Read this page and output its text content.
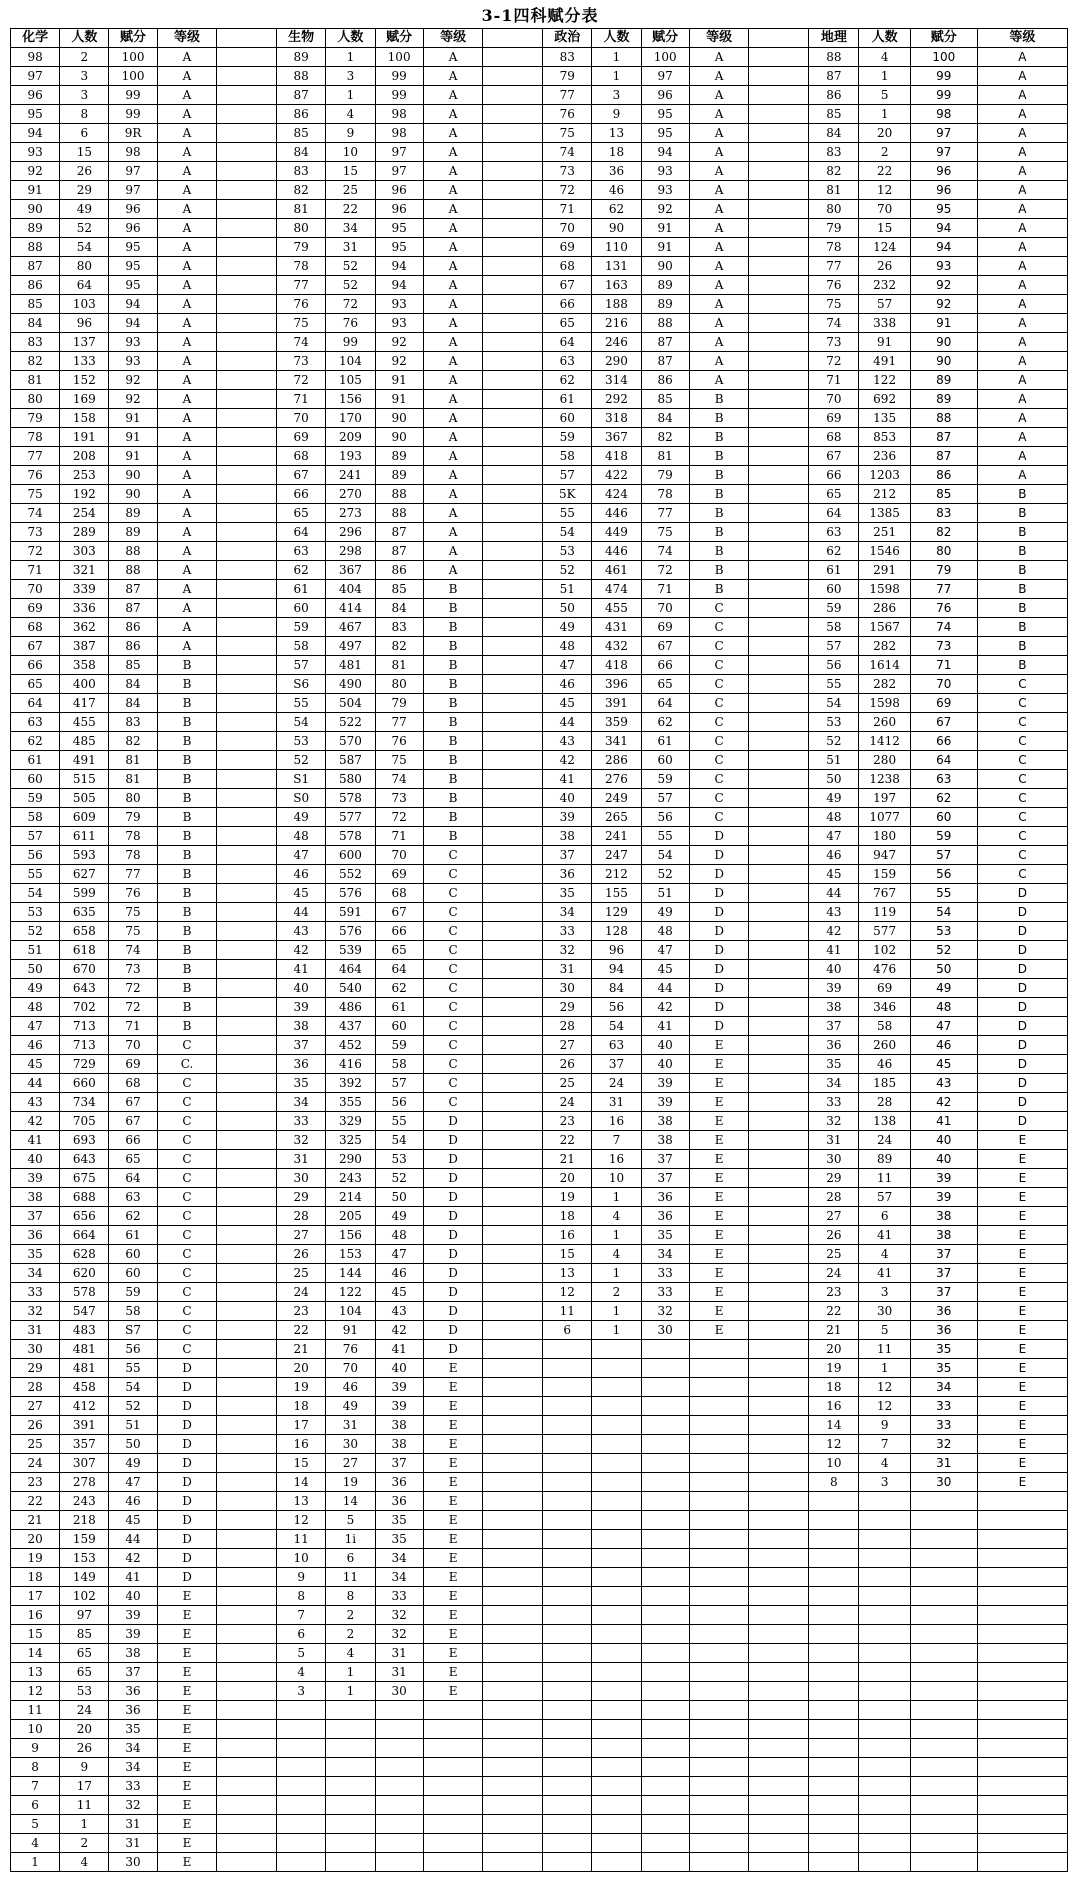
3-1四科赋分表
化学	人数	赋分	等级		生物	人数	赋分	等级		政治	人数	赋分	等级		地理	人数	赋分	等级
98	2	100	A		89	1	100	A		83	1	100	A		88	4	100	A
97	3	100	A		88	3	99	A		79	1	97	A		87	1	99	A
96	3	99	A		87	1	99	A		77	3	96	A		86	5	99	A
95	8	99	A		86	4	98	A		76	9	95	A		85	1	98	A
94	6	9R	A		85	9	98	A		75	13	95	A		84	20	97	A
93	15	98	A		84	10	97	A		74	18	94	A		83	2	97	A
92	26	97	A		83	15	97	A		73	36	93	A		82	22	96	A
91	29	97	A		82	25	96	A		72	46	93	A		81	12	96	A
90	49	96	A		81	22	96	A		71	62	92	A		80	70	95	A
89	52	96	A		80	34	95	A		70	90	91	A		79	15	94	A
88	54	95	A		79	31	95	A		69	110	91	A		78	124	94	A
87	80	95	A		78	52	94	A		68	131	90	A		77	26	93	A
86	64	95	A		77	52	94	A		67	163	89	A		76	232	92	A
85	103	94	A		76	72	93	A		66	188	89	A		75	57	92	A
84	96	94	A		75	76	93	A		65	216	88	A		74	338	91	A
83	137	93	A		74	99	92	A		64	246	87	A		73	91	90	A
82	133	93	A		73	104	92	A		63	290	87	A		72	491	90	A
81	152	92	A		72	105	91	A		62	314	86	A		71	122	89	A
80	169	92	A		71	156	91	A		61	292	85	B		70	692	89	A
79	158	91	A		70	170	90	A		60	318	84	B		69	135	88	A
78	191	91	A		69	209	90	A		59	367	82	B		68	853	87	A
77	208	91	A		68	193	89	A		58	418	81	B		67	236	87	A
76	253	90	A		67	241	89	A		57	422	79	B		66	1203	86	A
75	192	90	A		66	270	88	A		5K	424	78	B		65	212	85	B
74	254	89	A		65	273	88	A		55	446	77	B		64	1385	83	B
73	289	89	A		64	296	87	A		54	449	75	B		63	251	82	B
72	303	88	A		63	298	87	A		53	446	74	B		62	1546	80	B
71	321	88	A		62	367	86	A		52	461	72	B		61	291	79	B
70	339	87	A		61	404	85	B		51	474	71	B		60	1598	77	B
69	336	87	A		60	414	84	B		50	455	70	C		59	286	76	B
68	362	86	A		59	467	83	B		49	431	69	C		58	1567	74	B
67	387	86	A		58	497	82	B		48	432	67	C		57	282	73	B
66	358	85	B		57	481	81	B		47	418	66	C		56	1614	71	B
65	400	84	B		S6	490	80	B		46	396	65	C		55	282	70	C
64	417	84	B		55	504	79	B		45	391	64	C		54	1598	69	C
63	455	83	B		54	522	77	B		44	359	62	C		53	260	67	C
62	485	82	B		53	570	76	B		43	341	61	C		52	1412	66	C
61	491	81	B		52	587	75	B		42	286	60	C		51	280	64	C
60	515	81	B		S1	580	74	B		41	276	59	C		50	1238	63	C
59	505	80	B		S0	578	73	B		40	249	57	C		49	197	62	C
58	609	79	B		49	577	72	B		39	265	56	C		48	1077	60	C
57	611	78	B		48	578	71	B		38	241	55	D		47	180	59	C
56	593	78	B		47	600	70	C		37	247	54	D		46	947	57	C
55	627	77	B		46	552	69	C		36	212	52	D		45	159	56	C
54	599	76	B		45	576	68	C		35	155	51	D		44	767	55	D
53	635	75	B		44	591	67	C		34	129	49	D		43	119	54	D
52	658	75	B		43	576	66	C		33	128	48	D		42	577	53	D
51	618	74	B		42	539	65	C		32	96	47	D		41	102	52	D
50	670	73	B		41	464	64	C		31	94	45	D		40	476	50	D
49	643	72	B		40	540	62	C		30	84	44	D		39	69	49	D
48	702	72	B		39	486	61	C		29	56	42	D		38	346	48	D
47	713	71	B		38	437	60	C		28	54	41	D		37	58	47	D
46	713	70	C		37	452	59	C		27	63	40	E		36	260	46	D
45	729	69	C.		36	416	58	C		26	37	40	E		35	46	45	D
44	660	68	C		35	392	57	C		25	24	39	E		34	185	43	D
43	734	67	C		34	355	56	C		24	31	39	E		33	28	42	D
42	705	67	C		33	329	55	D		23	16	38	E		32	138	41	D
41	693	66	C		32	325	54	D		22	7	38	E		31	24	40	E
40	643	65	C		31	290	53	D		21	16	37	E		30	89	40	E
39	675	64	C		30	243	52	D		20	10	37	E		29	11	39	E
38	688	63	C		29	214	50	D		19	1	36	E		28	57	39	E
37	656	62	C		28	205	49	D		18	4	36	E		27	6	38	E
36	664	61	C		27	156	48	D		16	1	35	E		26	41	38	E
35	628	60	C		26	153	47	D		15	4	34	E		25	4	37	E
34	620	60	C		25	144	46	D		13	1	33	E		24	41	37	E
33	578	59	C		24	122	45	D		12	2	33	E		23	3	37	E
32	547	58	C		23	104	43	D		11	1	32	E		22	30	36	E
31	483	S7	C		22	91	42	D		6	1	30	E		21	5	36	E
30	481	56	C		21	76	41	D							20	11	35	E
29	481	55	D		20	70	40	E							19	1	35	E
28	458	54	D		19	46	39	E							18	12	34	E
27	412	52	D		18	49	39	E							16	12	33	E
26	391	51	D		17	31	38	E							14	9	33	E
25	357	50	D		16	30	38	E							12	7	32	E
24	307	49	D		15	27	37	E							10	4	31	E
23	278	47	D		14	19	36	E							8	3	30	E
22	243	46	D		13	14	36	E										
21	218	45	D		12	5	35	E										
20	159	44	D		11	1i	35	E										
19	153	42	D		10	6	34	E										
18	149	41	D		9	11	34	E										
17	102	40	E		8	8	33	E										
16	97	39	E		7	2	32	E										
15	85	39	E		6	2	32	E										
14	65	38	E		5	4	31	E										
13	65	37	E		4	1	31	E										
12	53	36	E		3	1	30	E										
11	24	36	E															
10	20	35	E															
9	26	34	E															
8	9	34	E															
7	17	33	E															
6	11	32	E															
5	1	31	E															
4	2	31	E															
1	4	30	E															
